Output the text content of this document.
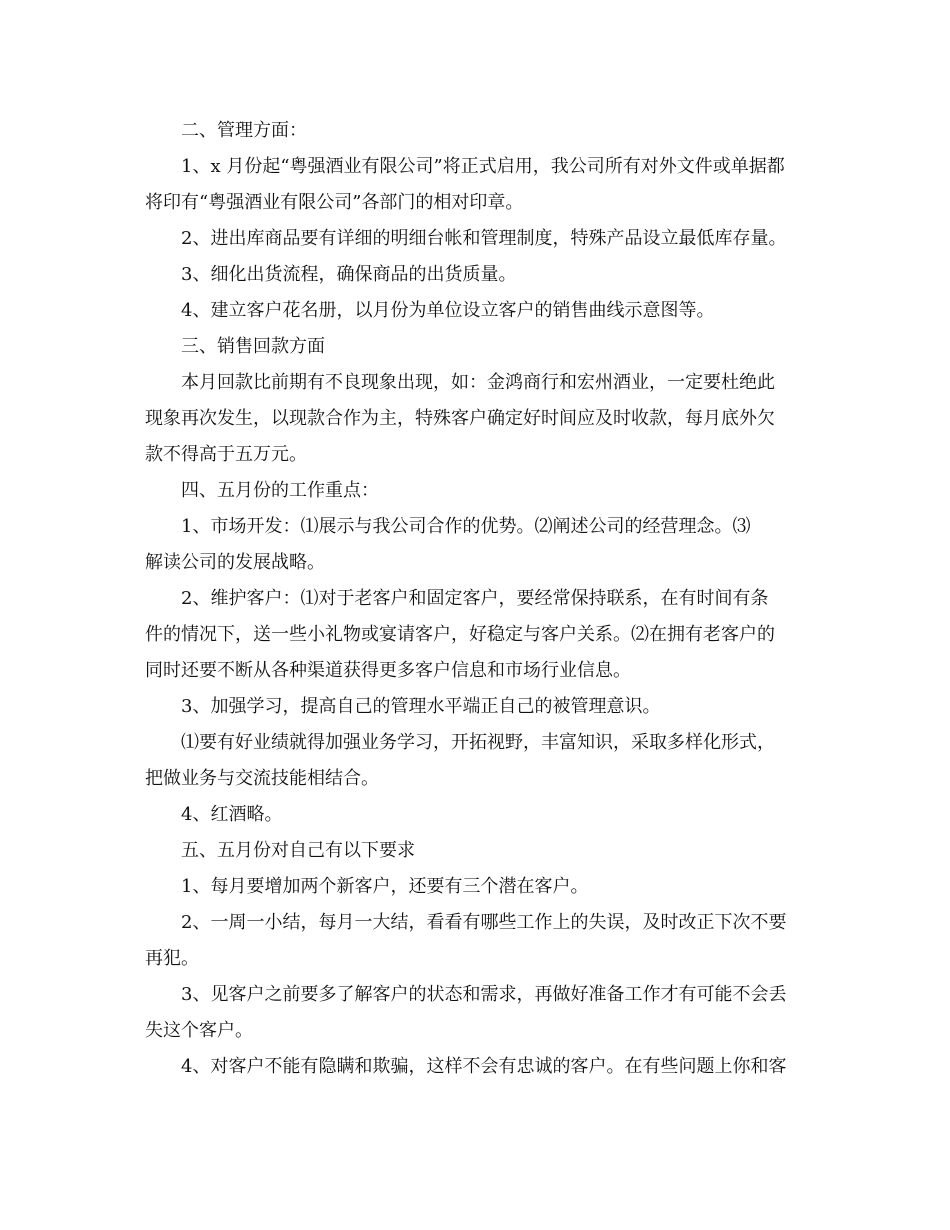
二、管理方面：
1、x 月份起“粤强酒业有限公司”将正式启用，我公司所有对外文件或单据都
将印有“粤强酒业有限公司”各部门的相对印章。
2、进出库商品要有详细的明细台帐和管理制度，特殊产品设立最低库存量。
3、细化出货流程，确保商品的出货质量。
4、建立客户花名册，以月份为单位设立客户的销售曲线示意图等。
三、销售回款方面
本月回款比前期有不良现象出现，如：金鸿商行和宏州酒业，一定要杜绝此
现象再次发生，以现款合作为主，特殊客户确定好时间应及时收款，每月底外欠
款不得高于五万元。
四、五月份的工作重点：
1、市场开发：⑴展示与我公司合作的优势。⑵阐述公司的经营理念。⑶
解读公司的发展战略。
2、维护客户：⑴对于老客户和固定客户，要经常保持联系，在有时间有条
件的情况下，送一些小礼物或宴请客户，好稳定与客户关系。⑵在拥有老客户的
同时还要不断从各种渠道获得更多客户信息和市场行业信息。
3、加强学习，提高自己的管理水平端正自己的被管理意识。
⑴要有好业绩就得加强业务学习，开拓视野，丰富知识，采取多样化形式，
把做业务与交流技能相结合。
4、红酒略。
五、五月份对自己有以下要求
1、每月要增加两个新客户，还要有三个潜在客户。
2、一周一小结，每月一大结，看看有哪些工作上的失误，及时改正下次不要
再犯。
3、见客户之前要多了解客户的状态和需求，再做好准备工作才有可能不会丢
失这个客户。
4、对客户不能有隐瞒和欺骗，这样不会有忠诚的客户。在有些问题上你和客
